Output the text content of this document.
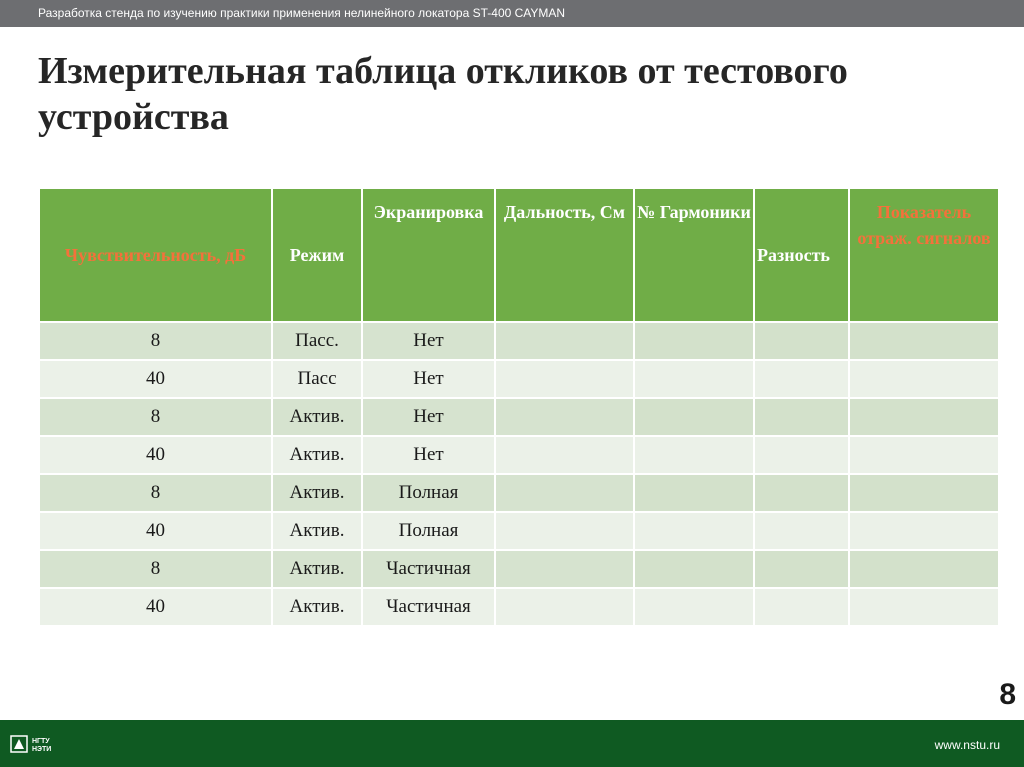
Разработка стенда по изучению практики применения нелинейного локатора ST-400 CAYMAN
Измерительная таблица откликов от тестового устройства
Чувствительность, дБ	Режим	Экранировка	Дальность, См	№ Гармоники	Разность	Показатель отраж. сигналов
8	Пасс.	Нет				
40	Пасс	Нет				
8	Актив.	Нет				
40	Актив.	Нет				
8	Актив.	Полная				
40	Актив.	Полная				
8	Актив.	Частичная				
40	Актив.	Частичная				
8
НГТУ
НЭТИ	www.nstu.ru
